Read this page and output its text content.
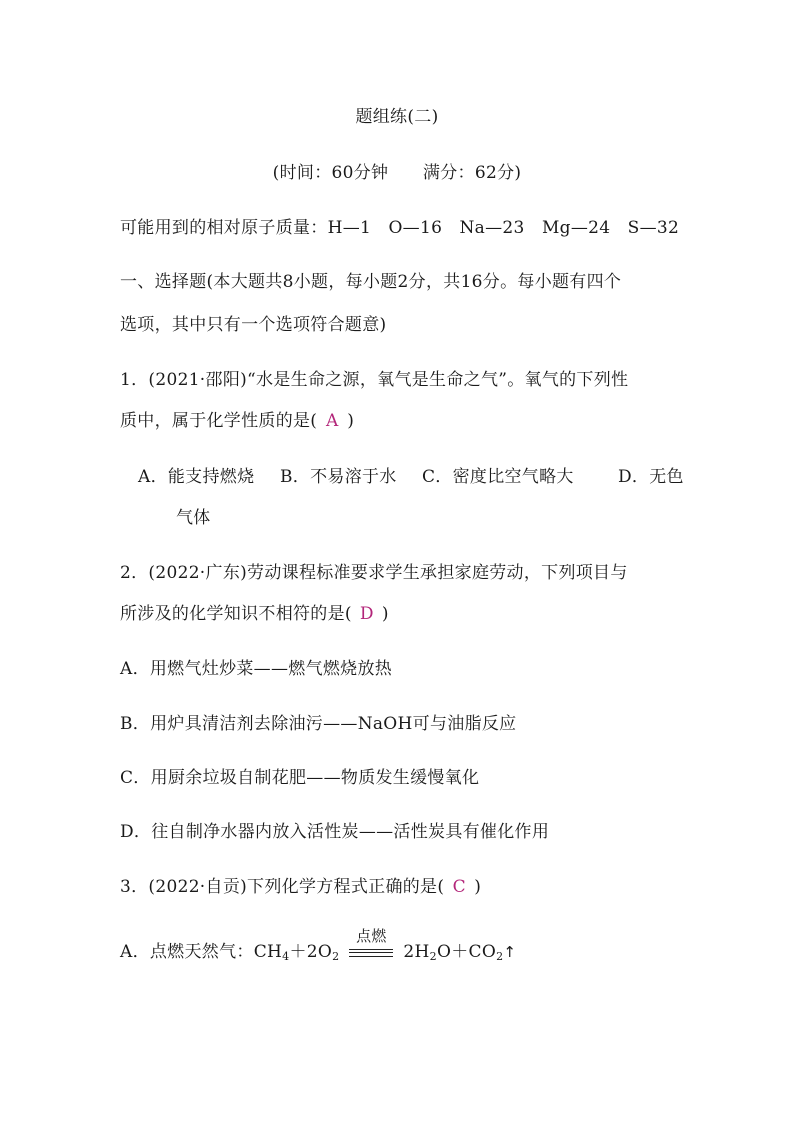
题组练(二)
(时间：60分钟　　满分：62分)
可能用到的相对原子质量：H—1　O—16　Na—23　Mg—24　S—32
一、选择题(本大题共8小题，每小题2分，共16分。每小题有四个
选项，其中只有一个选项符合题意)
1．(2021·邵阳)“水是生命之源，氧气是生命之气”。氧气的下列性
质中，属于化学性质的是( A )
A．能支持燃烧 B．不易溶于水 C．密度比空气略大	D．无色
气体
2．(2022·广东)劳动课程标准要求学生承担家庭劳动，下列项目与
所涉及的化学知识不相符的是( D )
A．用燃气灶炒菜——燃气燃烧放热
B．用炉具清洁剂去除油污——NaOH可与油脂反应
C．用厨余垃圾自制花肥——物质发生缓慢氧化
D．往自制净水器内放入活性炭——活性炭具有催化作用
3．(2022·自贡)下列化学方程式正确的是( C )
A．点燃天然气：$CH_4+2O_2$
点燃
$2H_2O+CO_2↑$
